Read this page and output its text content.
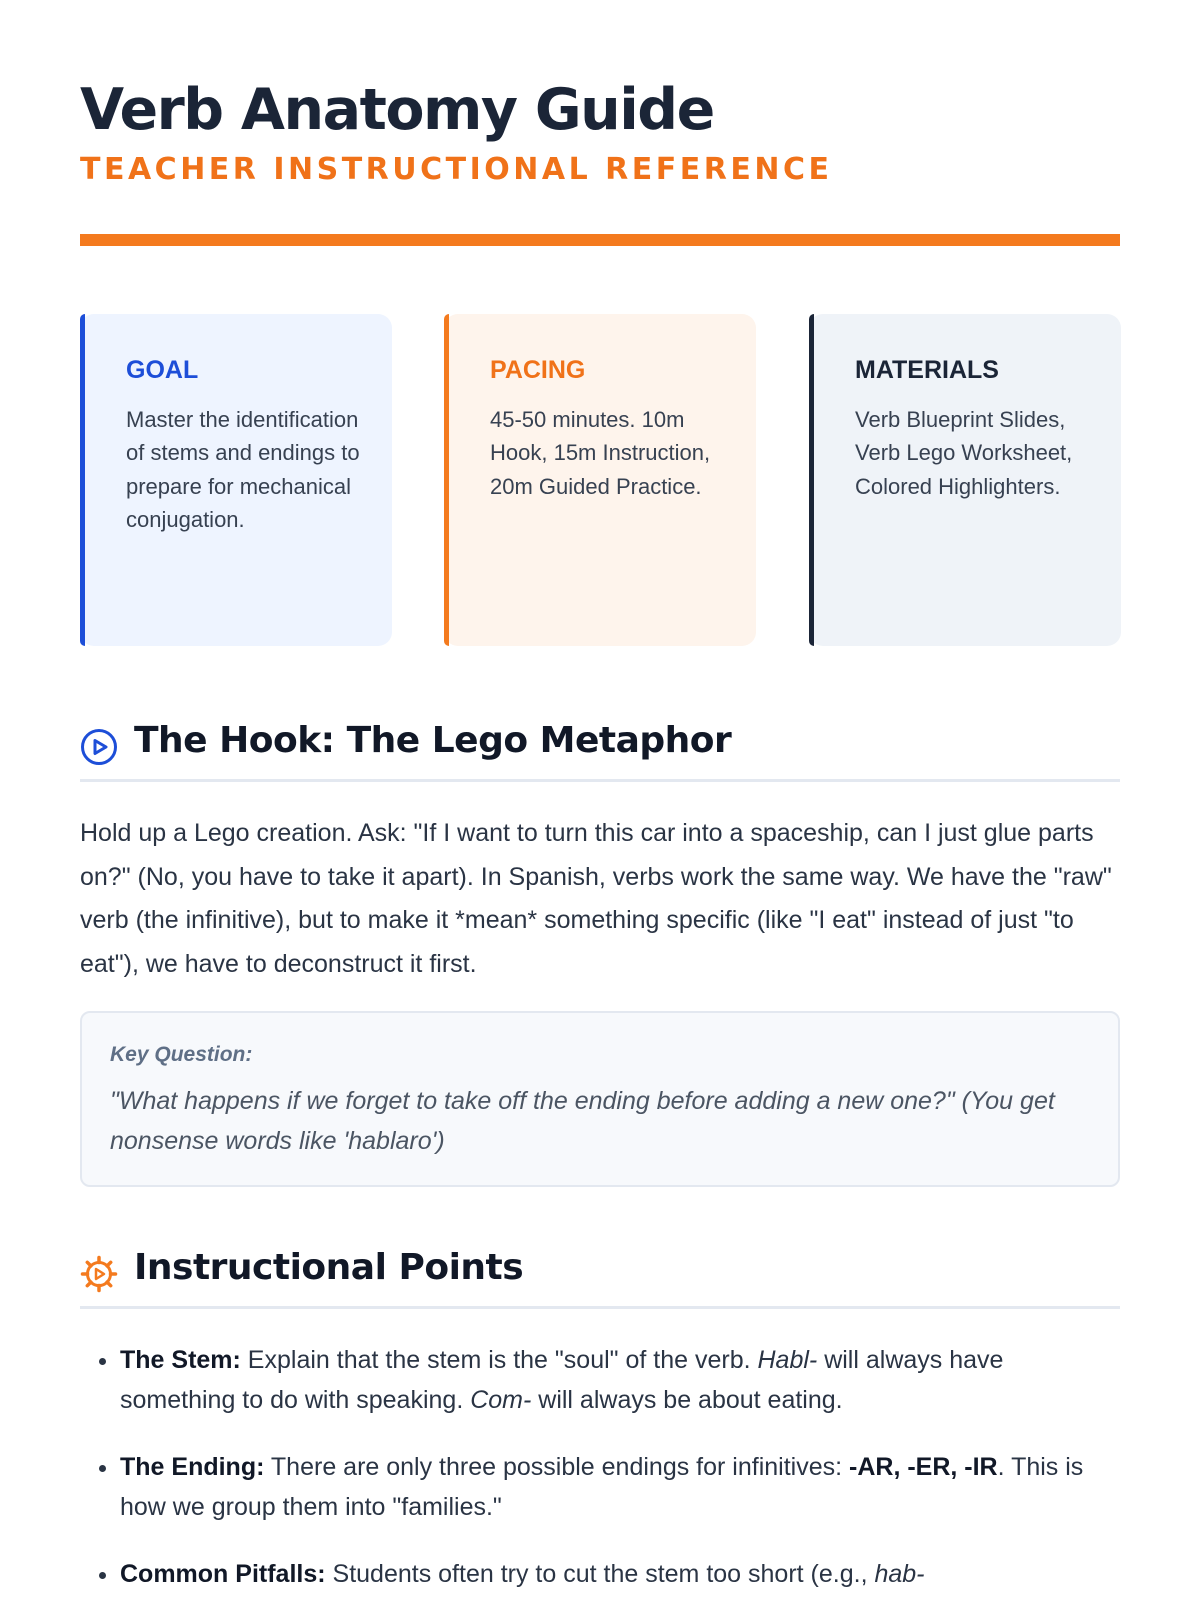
Verb Anatomy Guide
TEACHER INSTRUCTIONAL REFERENCE
GOAL
Master the identification of stems and endings to prepare for mechanical conjugation.
PACING
45-50 minutes. 10m Hook, 15m Instruction, 20m Guided Practice.
MATERIALS
Verb Blueprint Slides, Verb Lego Worksheet, Colored Highlighters.
The Hook: The Lego Metaphor
Hold up a Lego creation. Ask: "If I want to turn this car into a spaceship, can I just glue parts on?" (No, you have to take it apart). In Spanish, verbs work the same way. We have the "raw" verb (the infinitive), but to make it *mean* something specific (like "I eat" instead of just "to eat"), we have to deconstruct it first.
Key Question:
"What happens if we forget to take off the ending before adding a new one?" (You get nonsense words like 'hablaro')
Instructional Points
• The Stem: Explain that the stem is the "soul" of the verb. Habl- will always have something to do with speaking. Com- will always be about eating.
• The Ending: There are only three possible endings for infinitives: -AR, -ER, -IR. This is how we group them into "families."
• Common Pitfalls: Students often try to cut the stem too short (e.g., hab-
